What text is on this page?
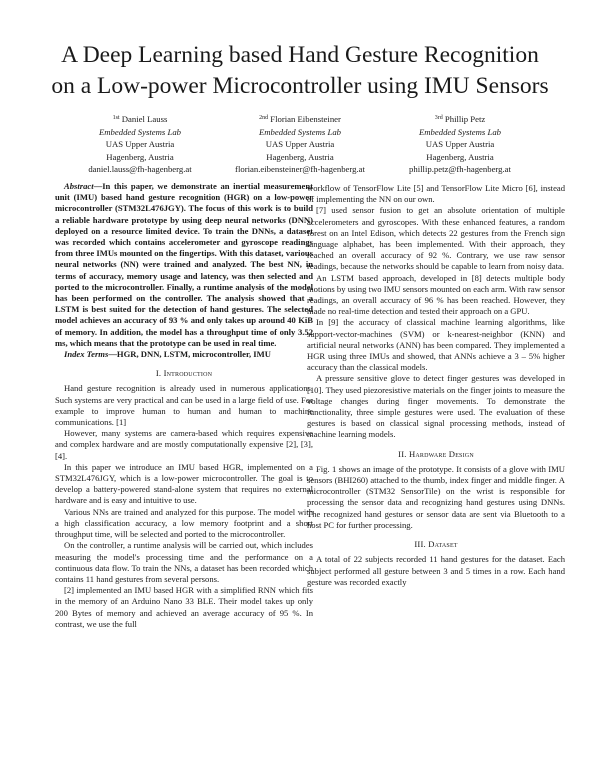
A Deep Learning based Hand Gesture Recognition
on a Low-power Microcontroller using IMU Sensors
$^{1st}$ Daniel Lauss
Embedded Systems Lab
UAS Upper Austria
Hagenberg, Austria
daniel.lauss@fh-hagenberg.at
$^{2nd}$ Florian Eibensteiner
Embedded Systems Lab
UAS Upper Austria
Hagenberg, Austria
florian.eibensteiner@fh-hagenberg.at
$^{3rd}$ Phillip Petz
Embedded Systems Lab
UAS Upper Austria
Hagenberg, Austria
phillip.petz@fh-hagenberg.at

Abstract—In this paper, we demonstrate an inertial measurement unit (IMU) based hand gesture recognition (HGR) on a low-power microcontroller (STM32L476JGY). The focus of this work is to build a reliable hardware prototype by using deep neural networks (DNN) deployed on a resource limited device. To train the DNNs, a dataset was recorded which contains accelerometer and gyroscope readings from three IMUs mounted on the fingertips. With this dataset, various neural networks (NN) were trained and analyzed. The best NN, in terms of accuracy, memory usage and latency, was then selected and ported to the microcontroller. Finally, a runtime analysis of the model has been performed on the controller. The analysis showed that a LSTM is best suited for the detection of hand gestures. The selected model achieves an accuracy of 93 % and only takes up around 40 KiB of memory. In addition, the model has a throughput time of only 3.52 ms, which means that the prototype can be used in real time.

Index Terms—HGR, DNN, LSTM, microcontroller, IMU

I. Introduction

Hand gesture recognition is already used in numerous applications. Such systems are very practical and can be used in a large field of use. For example to improve human to human and human to machine communications. [1]

However, many systems are camera-based which requires expensive and complex hardware and are mostly computationally expensive [2], [3], [4].

In this paper we introduce an IMU based HGR, implemented on a STM32L476JGY, which is a low-power microcontroller. The goal is to develop a battery-powered stand-alone system that requires no external hardware and is easy and intuitive to use.

Various NNs are trained and analyzed for this purpose. The model with a high classification accuracy, a low memory footprint and a short throughput time, will be selected and ported to the microcontroller.

On the controller, a runtime analysis will be carried out, which includes measuring the model's processing time and the performance on a continuous data flow. To train the NNs, a dataset has been recorded which contains 11 hand gestures from several persons.

[2] implemented an IMU based HGR with a simplified RNN which fits in the memory of an Arduino Nano 33 BLE. Their model takes up only 200 Bytes of memory and achieved an average accuracy of 95 %. In contrast, we use the full

workflow of TensorFlow Lite [5] and TensorFlow Lite Micro [6], instead of implementing the NN on our own.

[7] used sensor fusion to get an absolute orientation of multiple accelerometers and gyroscopes. With these enhanced features, a random forest on an Intel Edison, which detects 22 gestures from the French sign language alphabet, has been implemented. With their approach, they reached an overall accuracy of 92 %. Contrary, we use raw sensor readings, because the networks should be capable to learn from noisy data.

An LSTM based approach, developed in [8] detects multiple body motions by using two IMU sensors mounted on each arm. With raw sensor readings, an overall accuracy of 96 % has been reached. However, they made no real-time detection and tested their approach on a GPU.

In [9] the accuracy of classical machine learning algorithms, like support-vector-machines (SVM) or k-nearest-neighbor (KNN) and artificial neural networks (ANN) has been compared. They implemented a HGR using three IMUs and showed, that ANNs achieve a 3 – 5% higher accuracy than the classical models.

A pressure sensitive glove to detect finger gestures was developed in [10]. They used piezoresistive materials on the finger joints to measure the voltage changes during finger movements. To demonstrate the functionality, three simple gestures were used. The evaluation of these gestures is based on classical signal processing methods, instead of machine learning models.

II. Hardware Design

Fig. 1 shows an image of the prototype. It consists of a glove with IMU sensors (BHI260) attached to the thumb, index finger and middle finger. A microcontroller (STM32 SensorTile) on the wrist is responsible for processing the sensor data and recognizing hand gestures using DNNs. The recognized hand gestures or sensor data are sent via Bluetooth to a host PC for further processing.

III. Dataset

A total of 22 subjects recorded 11 hand gestures for the dataset. Each subject performed all gesture between 3 and 5 times in a row. Each hand gesture was recorded exactly
